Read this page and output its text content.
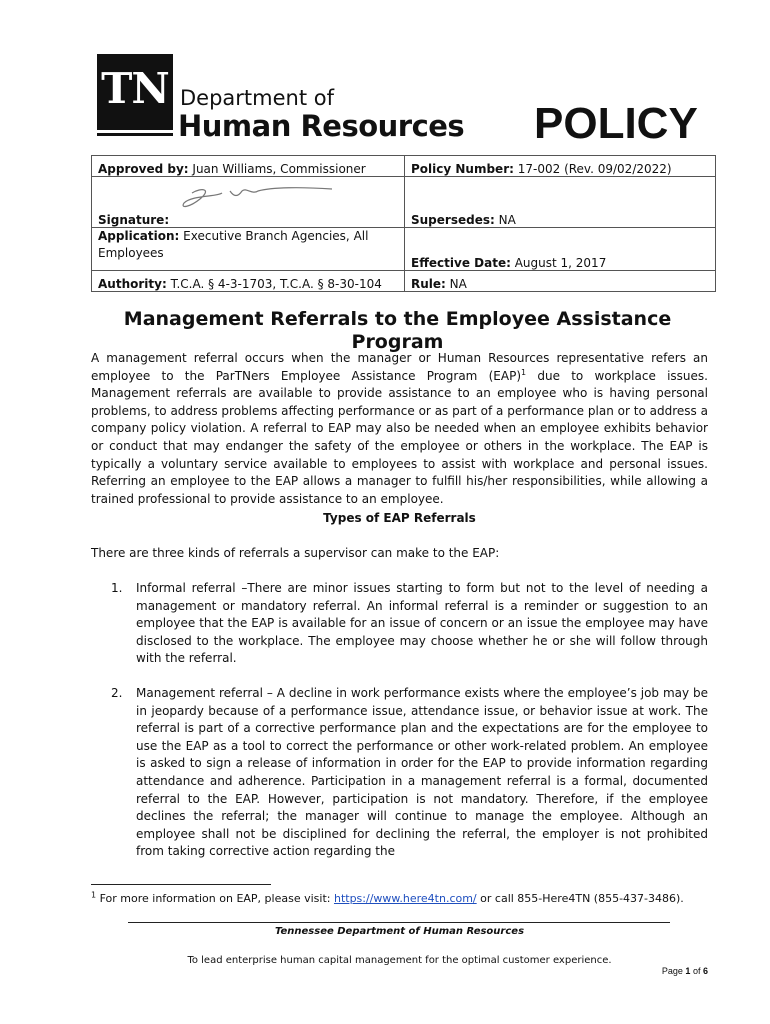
TN Department of
Human Resources POLICY
Approved by: Juan Williams, Commissioner	Policy Number: 17-002 (Rev. 09/02/2022)

Signature:	Supersedes: NA
Application: Executive Branch Agencies, All Employees	Effective Date: August 1, 2017
Authority: T.C.A. § 4-3-1703, T.C.A. § 8-30-104	Rule: NA
Management Referrals to the Employee Assistance Program
A management referral occurs when the manager or Human Resources representative refers an employee to the ParTNers Employee Assistance Program (EAP)$^1$ due to workplace issues. Management referrals are available to provide assistance to an employee who is having personal problems, to address problems affecting performance or as part of a performance plan or to address a company policy violation. A referral to EAP may also be needed when an employee exhibits behavior or conduct that may endanger the safety of the employee or others in the workplace. The EAP is typically a voluntary service available to employees to assist with workplace and personal issues. Referring an employee to the EAP allows a manager to fulfill his/her responsibilities, while allowing a trained professional to provide assistance to an employee.
Types of EAP Referrals
There are three kinds of referrals a supervisor can make to the EAP:
1.	Informal referral –There are minor issues starting to form but not to the level of needing a management or mandatory referral. An informal referral is a reminder or suggestion to an employee that the EAP is available for an issue of concern or an issue the employee may have disclosed to the workplace. The employee may choose whether he or she will follow through with the referral.
2.	Management referral – A decline in work performance exists where the employee’s job may be in jeopardy because of a performance issue, attendance issue, or behavior issue at work. The referral is part of a corrective performance plan and the expectations are for the employee to use the EAP as a tool to correct the performance or other work-related problem. An employee is asked to sign a release of information in order for the EAP to provide information regarding attendance and adherence. Participation in a management referral is a formal, documented referral to the EAP. However, participation is not mandatory. Therefore, if the employee declines the referral; the manager will continue to manage the employee. Although an employee shall not be disciplined for declining the referral, the employer is not prohibited from taking corrective action regarding the
$^1$ For more information on EAP, please visit: https://www.here4tn.com/ or call 855-Here4TN (855-437-3486).
Tennessee Department of Human Resources
To lead enterprise human capital management for the optimal customer experience.
Page 1 of 6
